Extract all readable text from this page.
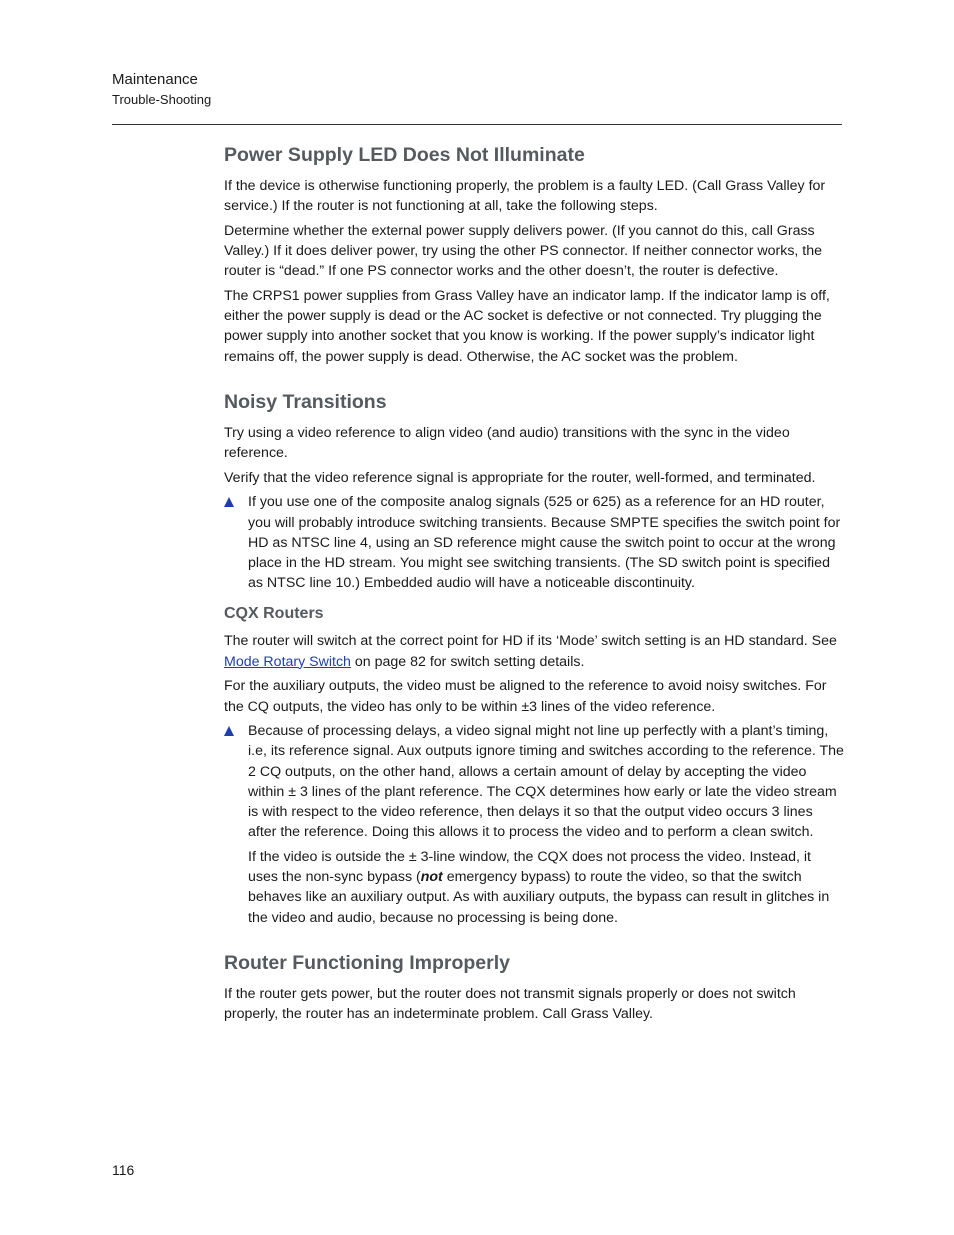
Maintenance
Trouble-Shooting
Power Supply LED Does Not Illuminate

If the device is otherwise functioning properly, the problem is a faulty LED. (Call Grass Valley for service.) If the router is not functioning at all, take the following steps.

Determine whether the external power supply delivers power. (If you cannot do this, call Grass Valley.) If it does deliver power, try using the other PS connector. If neither connector works, the router is “dead.” If one PS connector works and the other doesn’t, the router is defective.

The CRPS1 power supplies from Grass Valley have an indicator lamp. If the indicator lamp is off, either the power supply is dead or the AC socket is defective or not connected. Try plugging the power supply into another socket that you know is working. If the power supply’s indicator light remains off, the power supply is dead. Otherwise, the AC socket was the problem.

Noisy Transitions

Try using a video reference to align video (and audio) transitions with the sync in the video reference.

Verify that the video reference signal is appropriate for the router, well-formed, and terminated.

If you use one of the composite analog signals (525 or 625) as a reference for an HD router, you will probably introduce switching transients. Because SMPTE specifies the switch point for HD as NTSC line 4, using an SD reference might cause the switch point to occur at the wrong place in the HD stream. You might see switching transients. (The SD switch point is specified as NTSC line 10.) Embedded audio will have a noticeable discontinuity.
CQX Routers

The router will switch at the correct point for HD if its ‘Mode’ switch setting is an HD standard. See Mode Rotary Switch on page 82 for switch setting details.

For the auxiliary outputs, the video must be aligned to the reference to avoid noisy switches. For the CQ outputs, the video has only to be within ±3 lines of the video reference.

Because of processing delays, a video signal might not line up perfectly with a plant’s timing, i.e, its reference signal. Aux outputs ignore timing and switches according to the reference. The 2 CQ outputs, on the other hand, allows a certain amount of delay by accepting the video within ± 3 lines of the plant reference. The CQX determines how early or late the video stream is with respect to the video reference, then delays it so that the output video occurs 3 lines after the reference. Doing this allows it to process the video and to perform a clean switch.

If the video is outside the ± 3-line window, the CQX does not process the video. Instead, it uses the non-sync bypass (not emergency bypass) to route the video, so that the switch behaves like an auxiliary output. As with auxiliary outputs, the bypass can result in glitches in the video and audio, because no processing is being done.

Router Functioning Improperly

If the router gets power, but the router does not transmit signals properly or does not switch properly, the router has an indeterminate problem. Call Grass Valley.

116
